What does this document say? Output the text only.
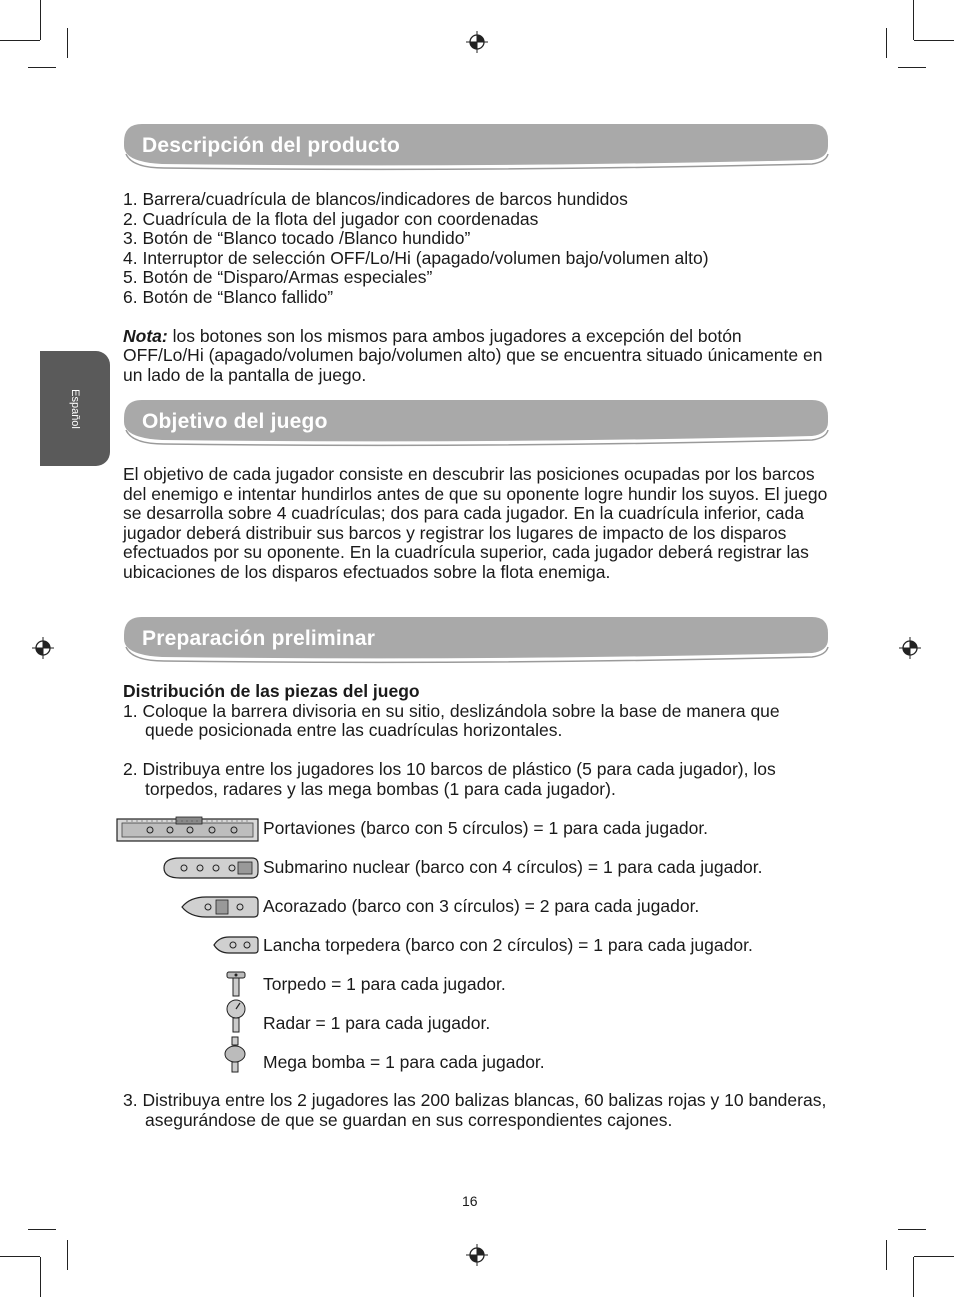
Español
Descripción del producto
1. Barrera/cuadrícula de blancos/indicadores de barcos hundidos
2. Cuadrícula de la flota del jugador con coordenadas
3. Botón de “Blanco tocado /Blanco hundido”
4. Interruptor de selección OFF/Lo/Hi (apagado/volumen bajo/volumen alto)
5. Botón de “Disparo/Armas especiales”
6. Botón de “Blanco fallido”

Nota: los botones son los mismos para ambos jugadores a excepción del botón OFF/Lo/Hi (apagado/volumen bajo/volumen alto) que se encuentra situado únicamente en un lado de la pantalla de juego.

Objetivo del juego

El objetivo de cada jugador consiste en descubrir las posiciones ocupadas por los barcos del enemigo e intentar hundirlos antes de que su oponente logre hundir los suyos. El juego se desarrolla sobre 4 cuadrículas; dos para cada jugador. En la cuadrícula inferior, cada jugador deberá distribuir sus barcos y registrar los lugares de impacto de los disparos efectuados por su oponente. En la cuadrícula superior, cada jugador deberá registrar las ubicaciones de los disparos efectuados sobre la flota enemiga.

Preparación preliminar

Distribución de las piezas del juego

1. Coloque la barrera divisoria en su sitio, deslizándola sobre la base de manera que quede posicionada entre las cuadrículas horizontales.

2. Distribuya entre los jugadores los 10 barcos de plástico (5 para cada jugador), los torpedos, radares y las mega bombas (1 para cada jugador).

Portaviones (barco con 5 círculos) = 1 para cada jugador.
Submarino nuclear (barco con 4 círculos) = 1 para cada jugador.
Acorazado (barco con 3 círculos) = 2 para cada jugador.
Lancha torpedera (barco con 2 círculos) = 1 para cada jugador.
Torpedo = 1 para cada jugador.
Radar = 1 para cada jugador.
Mega bomba = 1 para cada jugador.

3. Distribuya entre los 2 jugadores las 200 balizas blancas, 60 balizas rojas y 10 banderas, asegurándose de que se guardan en sus correspondientes cajones.

16
